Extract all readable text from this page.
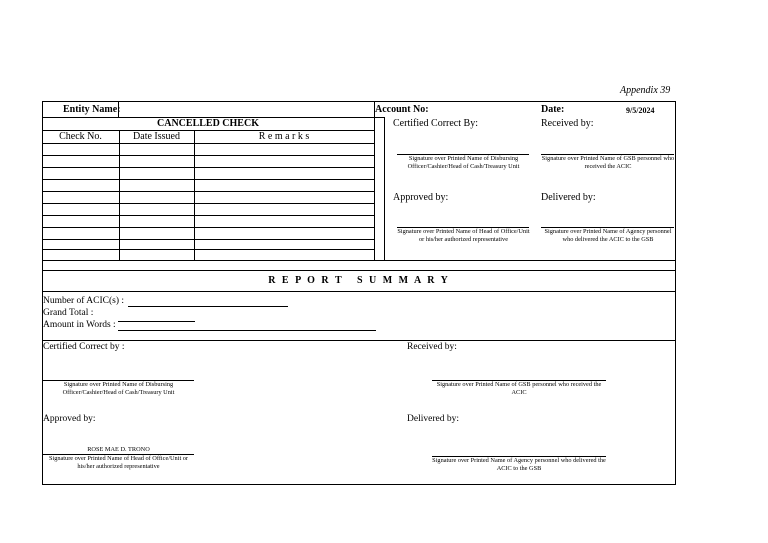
Appendix 39
Entity Name:	Account No:	Date:	9/5/2024
CANCELLED CHECK
Check No.	Date Issued	R e m a r k s
Certified Correct By:	Received by:
Signature over Printed Name of Disbursing Officer/Cashier/Head of Cash/Treasury Unit
Signature over Printed Name of GSB personnel who received the ACIC
Approved by:	Delivered by:
Signature over Printed Name of Head of Office/Unit or his/her authorized representative
Signature over Printed Name of Agency personnel who delivered the ACIC to the GSB
R E P O R T   S U M M A R Y
Number of ACIC(s) :
Grand Total :
Amount in Words :
Certified Correct by :	Received by:
Signature over Printed Name of Disbursing Officer/Cashier/Head of Cash/Treasury Unit
Signature over Printed Name of GSB personnel who received the ACIC
Approved by:	Delivered by:
ROSE MAE D. TRONO
Signature over Printed Name of Head of Office/Unit or his/her authorized representative
Signature over Printed Name of Agency personnel who delivered the ACIC to the GSB
